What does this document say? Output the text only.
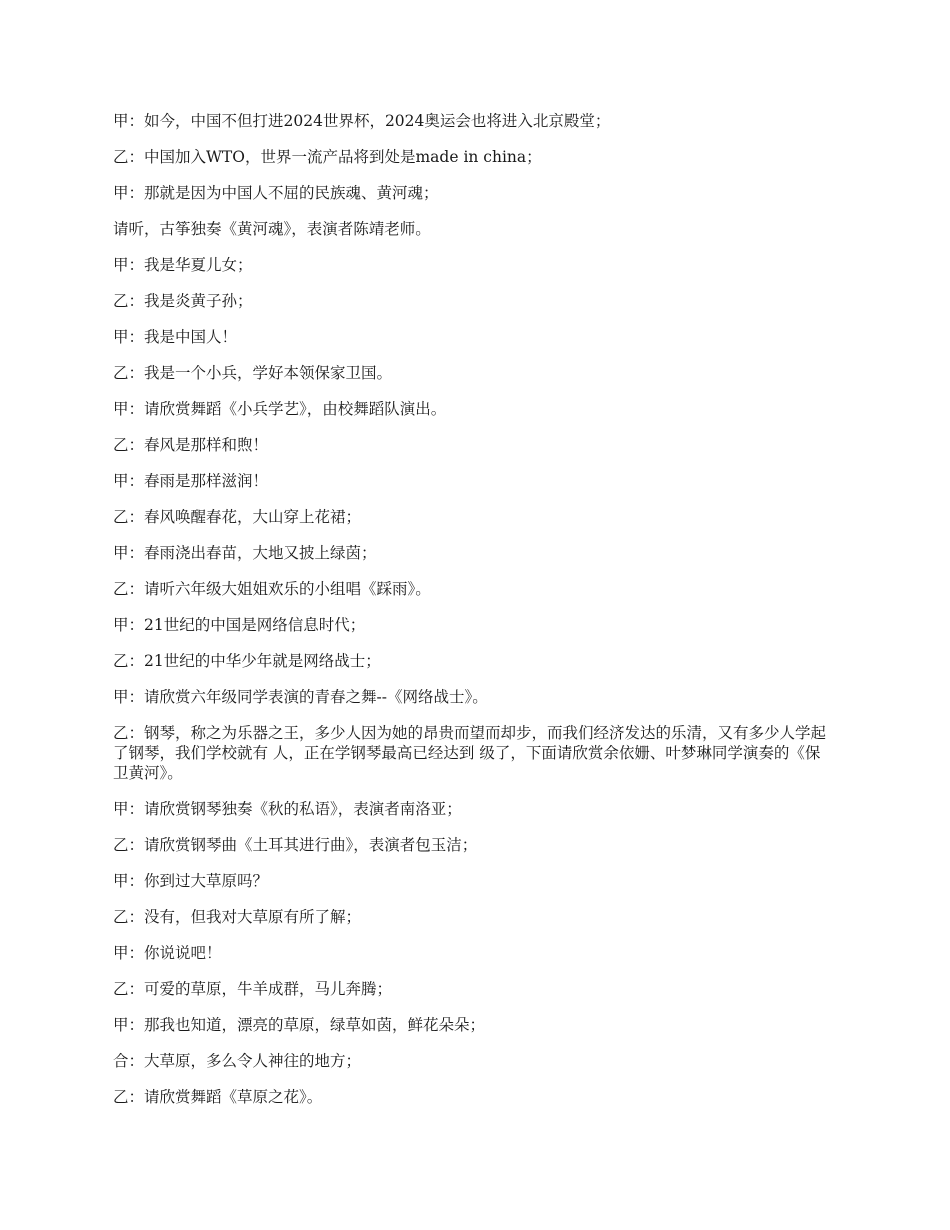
甲：如今，中国不但打进2024世界杯，2024奥运会也将进入北京殿堂；

乙：中国加入WTO，世界一流产品将到处是made in china；

甲：那就是因为中国人不屈的民族魂、黄河魂；

请听，古筝独奏《黄河魂》，表演者陈靖老师。

甲：我是华夏儿女；

乙：我是炎黄子孙；

甲：我是中国人！

乙：我是一个小兵，学好本领保家卫国。

甲：请欣赏舞蹈《小兵学艺》，由校舞蹈队演出。

乙：春风是那样和煦！

甲：春雨是那样滋润！

乙：春风唤醒春花，大山穿上花裙；

甲：春雨浇出春苗，大地又披上绿茵；

乙：请听六年级大姐姐欢乐的小组唱《踩雨》。

甲：21世纪的中国是网络信息时代；

乙：21世纪的中华少年就是网络战士；

甲：请欣赏六年级同学表演的青春之舞--《网络战士》。

乙：钢琴，称之为乐器之王，多少人因为她的昂贵而望而却步，而我们经济发达的乐清，又有多少人学起了钢琴，我们学校就有 人，正在学钢琴最高已经达到 级了，下面请欣赏余依姗、叶梦琳同学演奏的《保卫黄河》。

甲：请欣赏钢琴独奏《秋的私语》，表演者南洛亚；

乙：请欣赏钢琴曲《土耳其进行曲》，表演者包玉洁；

甲：你到过大草原吗？

乙：没有，但我对大草原有所了解；

甲：你说说吧！

乙：可爱的草原，牛羊成群，马儿奔腾；

甲：那我也知道，漂亮的草原，绿草如茵，鲜花朵朵；

合：大草原，多么令人神往的地方；

乙：请欣赏舞蹈《草原之花》。
